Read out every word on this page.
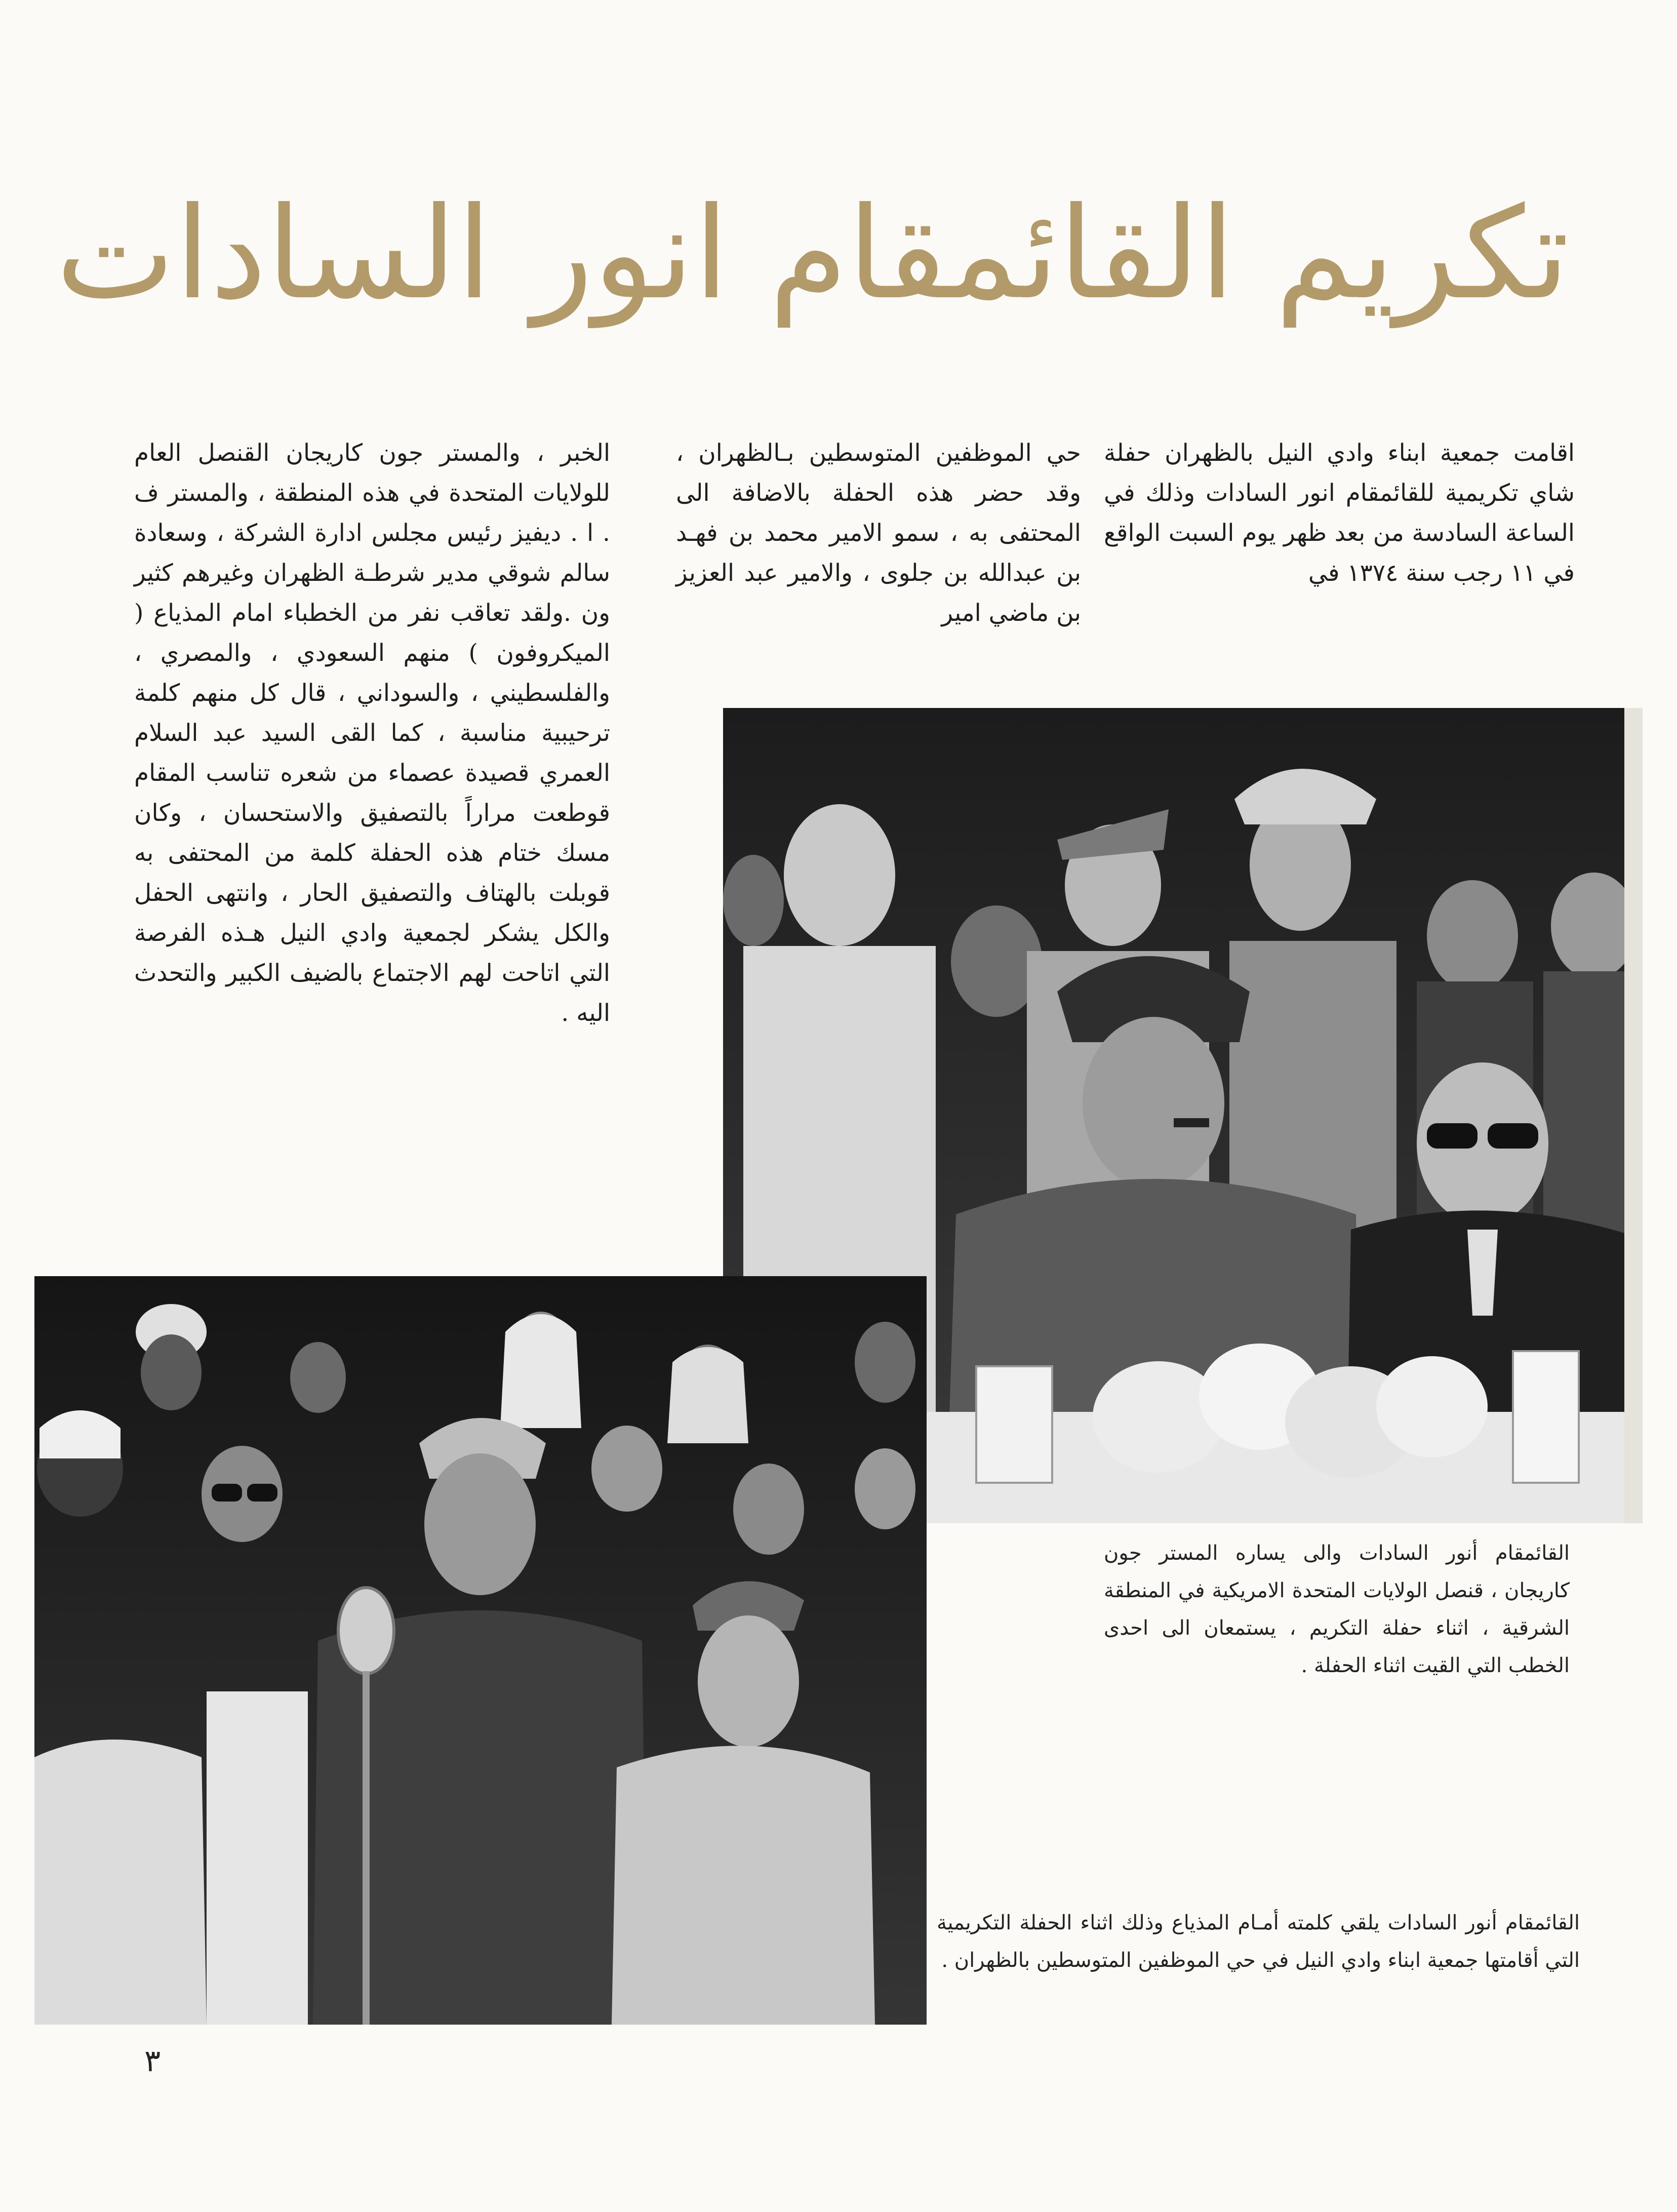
تكريم القائمقام انور السادات

اقامت جمعية ابناء وادي النيل بالظهران حفلة شاي تكريمية للقائمقام انور السادات وذلك في الساعة السادسة من بعد ظهر يوم السبت الواقع في ١١ رجب سنة ١٣٧٤ في

حي الموظفين المتوسطين بـالظهران ، وقد حضر هذه الحفلة بالاضافة الى المحتفى به ، سمو الامير محمد بن فهـد بن عبدالله بن جلوى ، والامير عبد العزيز بن ماضي امير

الخبر ، والمستر جون كاريجان القنصل العام للولايات المتحدة في هذه المنطقة ، والمستر ف . ا . ديفيز رئيس مجلس ادارة الشركة ، وسعادة سالم شوقي مدير شرطـة الظهران وغيرهم كثير ون .ولقد تعاقب نفر من الخطباء امام المذياع ( الميكروفون ) منهم السعودي ، والمصري ، والفلسطيني ، والسوداني ، قال كل منهم كلمة ترحيبية مناسبة ، كما القى السيد عبد السلام العمري قصيدة عصماء من شعره تناسب المقام قوطعت مراراً بالتصفيق والاستحسان ، وكان مسك ختام هذه الحفلة كلمة من المحتفى به قوبلت بالهتاف والتصفيق الحار ، وانتهى الحفل والكل يشكر لجمعية وادي النيل هـذه الفرصة التي اتاحت لهم الاجتماع بالضيف الكبير والتحدث اليه .

القائمقام أنور السادات والى يساره المستر جون كاريجان ، قنصل الولايات المتحدة الامريكية في المنطقة الشرقية ، اثناء حفلة التكريم ، يستمعان الى احدى الخطب التي القيت اثناء الحفلة .
القائمقام أنور السادات يلقي كلمته أمـام المذياع وذلك اثناء الحفلة التكريمية التي أقامتها جمعية ابناء وادي النيل في حي الموظفين المتوسطين بالظهران .
٣
